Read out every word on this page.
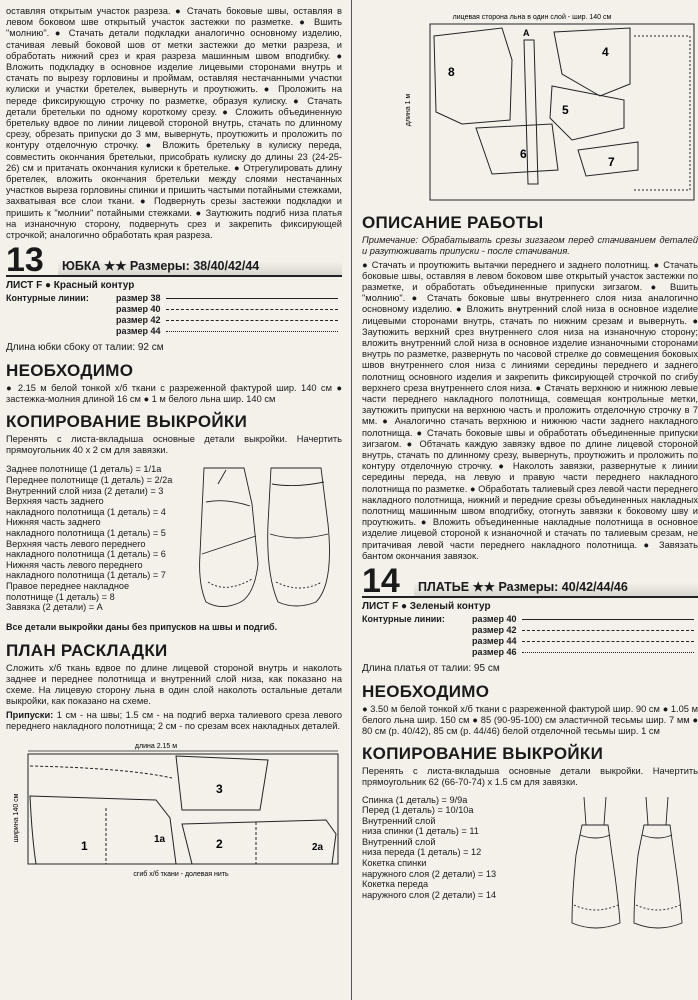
оставляя открытым участок разреза. ● Стачать боковые швы, оставляя в левом боковом шве открытый участок застежки по разметке. ● Вшить "молнию". ● Стачать детали подкладки аналогично основному изделию, стачивая левый боковой шов от метки застежки до метки разреза, и обработать нижний срез и края разреза машинным швом вподгибку. ● Вложить подкладку в основное изделие лицевыми сторонами внутрь и стачать по вырезу горловины и проймам, оставляя нестачанными участки кулиски и участки бретелек, вывернуть и проутюжить. ● Проложить на переде фиксирующую строчку по разметке, образуя кулиску. ● Стачать детали бретельки по одному короткому срезу. ● Сложить объединенную бретельку вдвое по линии лицевой стороной внутрь, стачать по длинному срезу, обрезать припуски до 3 мм, вывернуть, проутюжить и проложить по контуру отделочную строчку. ● Вложить бретельку в кулиску переда, совместить окончания бретельки, присобрать кулиску до длины 23 (24-25-26) см и притачать окончания кулиски к бретельке. ● Отрегулировать длину бретелек, вложить окончания бретельки между слоями нестачанных участков выреза горловины спинки и пришить частыми потайными стежками, захватывая все слои ткани. ● Подвернуть срезы застежки подкладки и пришить к "молнии" потайными стежками. ● Заутюжить подгиб низа платья на изнаночную сторону, подвернуть срез и закрепить фиксирующей строчкой; аналогично обработать края разреза.

13	ЮБКА ★★ Размеры: 38/40/42/44
ЛИСТ F ● Красный контур
Контурные линии:	размер 38
размер 40
размер 42
размер 44
Длина юбки сбоку от талии: 92 см
НЕОБХОДИМО

● 2.15 м белой тонкой х/б ткани с разреженной фактурой шир. 140 см ● застежка-молния длиной 16 см ● 1 м белого льна шир. 140 см

КОПИРОВАНИЕ ВЫКРОЙКИ

Перенять с листа-вкладыша основные детали выкройки. Начертить прямоугольник 40 x 2 см для завязки.

Заднее полотнище (1 деталь) = 1/1а
Переднее полотнище (1 деталь) = 2/2а
Внутренний слой низа (2 детали) = 3
Верхняя часть заднего
накладного полотнища (1 деталь) = 4
Нижняя часть заднего
накладного полотнища (1 деталь) = 5
Верхняя часть левого переднего
накладного полотнища (1 деталь) = 6
Нижняя часть левого переднего
накладного полотнища (1 деталь) = 7
Правое переднее накладное
полотнище (1 деталь) = 8
Завязка (2 детали) = А

Все детали выкройки даны без припусков на швы и подгиб.

ПЛАН РАСКЛАДКИ

Сложить х/б ткань вдвое по длине лицевой стороной внутрь и наколоть заднее и переднее полотнища и внутренний слой низа, как показано на схеме. На лицевую сторону льна в один слой наколоть остальные детали выкройки, как показано на схеме.

Припуски: 1 см - на швы; 1.5 см - на подгиб верха талиевого среза левого переднего накладного полотнища; 2 см - по срезам всех накладных деталей.

длина 2.15 м
ширина 140 см
3
1	1а	2	2а
сгиб х/б ткани - долевая нить
лицевая сторона льна в один слой - шир. 140 см
длина 1 м
8
A
4
5
6
7
ОПИСАНИЕ РАБОТЫ

Примечание: Обрабатывать срезы зигзагом перед стачиванием деталей и разутюживать припуски - после стачивания.

● Стачать и проутюжить вытачки переднего и заднего полотнищ. ● Стачать боковые швы, оставляя в левом боковом шве открытый участок застежки по разметке, и обработать объединенные припуски зигзагом. ● Вшить "молнию". ● Стачать боковые швы внутреннего слоя низа аналогично основному изделию. ● Вложить внутренний слой низа в основное изделие лицевыми сторонами внутрь, стачать по нижним срезам и вывернуть. ● Заутюжить верхний срез внутреннего слоя низа на изнаночную сторону; вложить внутренний слой низа в основное изделие изнаночными сторонами внутрь по разметке, развернуть по часовой стрелке до совмещения боковых швов внутреннего слоя низа с линиями середины переднего и заднего полотнищ основного изделия и закрепить фиксирующей строчкой по сгибу верхнего среза внутреннего слоя низа. ● Стачать верхнюю и нижнюю левые части переднего накладного полотнища, совмещая контрольные метки, заутюжить припуски на верхнюю часть и проложить отделочную строчку в 7 мм. ● Аналогично стачать верхнюю и нижнюю части заднего накладного полотнища. ● Стачать боковые швы и обработать объединенные припуски зигзагом. ● Обтачать каждую завязку вдвое по длине лицевой стороной внутрь, стачать по длинному срезу, вывернуть, проутюжить и проложить по контуру отделочную строчку. ● Наколоть завязки, развернутые к линии середины переда, на левую и правую части переднего накладного полотнища по разметке. ● Обработать талиевый срез левой части переднего накладного полотнища, нижний и передние срезы объединенных накладных полотнищ машинным швом вподгибку, отогнуть завязки к боковому шву и проутюжить. ● Вложить объединенные накладные полотнища в основное изделие лицевой стороной к изнаночной и стачать по талиевым срезам, не притачивая левой части переднего накладного полотнища. ● Завязать бантом окончания завязок.

14	ПЛАТЬЕ ★★ Размеры: 40/42/44/46
ЛИСТ F ● Зеленый контур
Контурные линии:	размер 40
размер 42
размер 44
размер 46
Длина платья от талии: 95 см
НЕОБХОДИМО

● 3.50 м белой тонкой х/б ткани с разреженной фактурой шир. 90 см ● 1.05 м белого льна шир. 150 см ● 85 (90-95-100) см эластичной тесьмы шир. 7 мм ● 80 см (р. 40/42), 85 см (р. 44/46) белой отделочной тесьмы шир. 1 см

КОПИРОВАНИЕ ВЫКРОЙКИ

Перенять с листа-вкладыша основные детали выкройки. Начертить прямоугольник 62 (66-70-74) x 1.5 см для завязки.

Спинка (1 деталь) = 9/9а
Перед (1 деталь) = 10/10а
Внутренний слой
низа спинки (1 деталь) = 11
Внутренний слой
низа переда (1 деталь) = 12
Кокетка спинки
наружного слоя (2 детали) = 13
Кокетка переда
наружного слоя (2 детали) = 14
